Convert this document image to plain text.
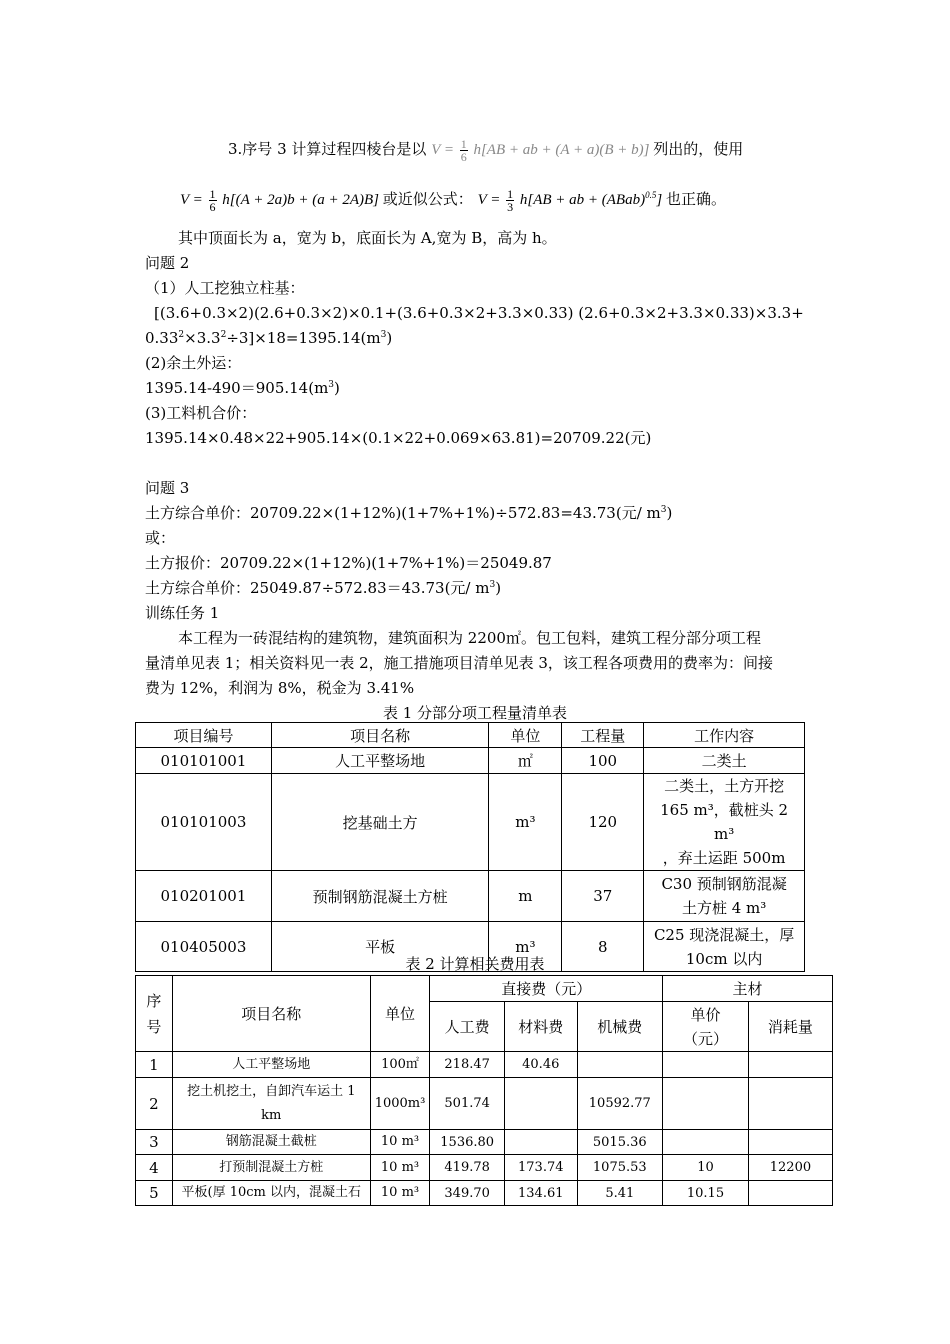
3.序号 3 计算过程四棱台是以 $V = \frac{1}{6} h[AB$ + ab + (A + a)(B + b)] 列出的，使用
$V = \frac{1}{6} h[(A + 2a)b + (a + 2A)B]$ 或近似公式： $V = \frac{1}{3} h[AB$ + ab + (ABab)$^{0.5}$] 也正确。
其中顶面长为 a，宽为 b，底面长为 A,宽为 B，高为 h。
问题 2
（1）人工挖独立柱基：
[(3.6+0.3×2)(2.6+0.3×2)×0.1+(3.6+0.3×2+3.3×0.33) (2.6+0.3×2+3.3×0.33)×3.3+
$0.33^2\times 3.3^2\div 3]\times 18=1395.14(m^3)$
(2)余土外运：
$1395.14-490=905.14(m^3)$
(3)工料机合价：
1395.14×0.48×22+905.14×(0.1×22+0.069×63.81)=20709.22(元)
问题 3
土方综合单价：20709.22×(1+12%)(1+7%+1%)÷572.83=43.73(元/ $m^3$)
或：
土方报价：20709.22×(1+12%)(1+7%+1%)＝25049.87
土方综合单价：25049.87÷572.83＝43.73(元/ $m^3$)
训练任务 1
本工程为一砖混结构的建筑物，建筑面积为 2200㎡。包工包料，建筑工程分部分项工程
量清单见表 1；相关资料见一表 2，施工措施项目清单见表 3，该工程各项费用的费率为：间接
费为 12%，利润为 8%，税金为 3.41%
表 1 分部分项工程量清单表
项目编号	项目名称	单位	工程量	工作内容
010101001	人工平整场地	㎡	100	二类土

010101003	挖基础土方	m³	120	二类土，土方开挖
165 m³，截桩头 2 m³
，弃土运距 500m

010201001	预制钢筋混凝土方桩	m	37	C30 预制钢筋混凝
土方桩 4 m³

010405003	平板	m³	8	C25 现浇混凝土，厚
10cm 以内
表 2 计算相关费用表
序号	项目名称	单位	直接费（元）			主材	
			人工费	材料费	机械费	单价（元）	消耗量
1	人工平整场地	100㎡	218.47	40.46			
2	挖土机挖土，自卸汽车运土 1 km	1000m³	501.74		10592.77		
3	钢筋混凝土截桩	10 m³	1536.80		5015.36		
4	打预制混凝土方桩	10 m³	419.78	173.74	1075.53	10	12200
5	平板(厚 10cm 以内，混凝土石	10 m³	349.70	134.61	5.41	10.15	
